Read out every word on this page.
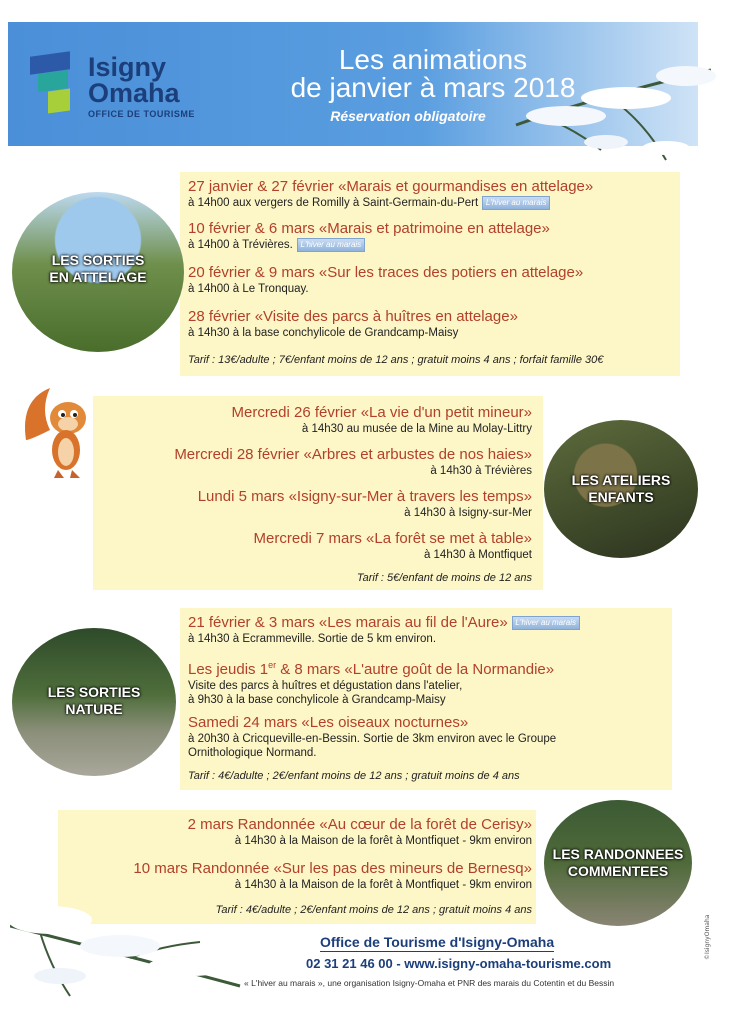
Isigny
Omaha
OFFICE DE TOURISME
Les animations
de janvier à mars 2018
Réservation obligatoire
LES SORTIES
EN ATTELAGE
27 janvier & 27 février «Marais et gourmandises en attelage»
à 14h00 aux vergers de Romilly à Saint-Germain-du-Pert L'hiver au marais
10 février & 6 mars «Marais et patrimoine en attelage»
à 14h00 à Trévières. L'hiver au marais
20 février & 9 mars «Sur les traces des potiers en attelage»
à 14h00 à Le Tronquay.
28 février «Visite des parcs à huîtres en attelage»
à 14h30 à la base conchylicole de Grandcamp-Maisy
Tarif : 13€/adulte ; 7€/enfant moins de 12 ans ; gratuit moins 4 ans ; forfait famille 30€
LES ATELIERS
ENFANTS
Mercredi 26 février «La vie d'un petit mineur»
à 14h30 au musée de la Mine au Molay-Littry
Mercredi 28 février «Arbres et arbustes de nos haies»
à 14h30 à Trévières
Lundi 5 mars «Isigny-sur-Mer à travers les temps»
à 14h30 à Isigny-sur-Mer
Mercredi 7 mars «La forêt se met à table»
à 14h30 à Montfiquet
Tarif : 5€/enfant de moins de 12 ans
LES SORTIES
NATURE
21 février & 3 mars «Les marais au fil de l'Aure» L'hiver au marais
à 14h30 à Ecrammeville. Sortie de 5 km environ.
Les jeudis 1er & 8 mars «L'autre goût de la Normandie»
Visite des parcs à huîtres et dégustation dans l'atelier,
à 9h30 à la base conchylicole à Grandcamp-Maisy
Samedi 24 mars «Les oiseaux nocturnes»
à 20h30 à Cricqueville-en-Bessin. Sortie de 3km environ avec le Groupe
Ornithologique Normand.
Tarif : 4€/adulte ; 2€/enfant moins de 12 ans ; gratuit moins de 4 ans
LES RANDONNEES
COMMENTEES
2 mars Randonnée «Au cœur de la forêt de Cerisy»
à 14h30 à la Maison de la forêt à Montfiquet - 9km environ
10 mars Randonnée «Sur les pas des mineurs de Bernesq»
à 14h30 à la Maison de la forêt à Montfiquet - 9km environ
Tarif : 4€/adulte ; 2€/enfant moins de 12 ans ; gratuit moins 4 ans
Office de Tourisme d'Isigny-Omaha
02 31 21 46 00 - www.isigny-omaha-tourisme.com
« L'hiver au marais », une organisation Isigny-Omaha et PNR des marais du Cotentin et du Bessin
©IsignyOmaha
